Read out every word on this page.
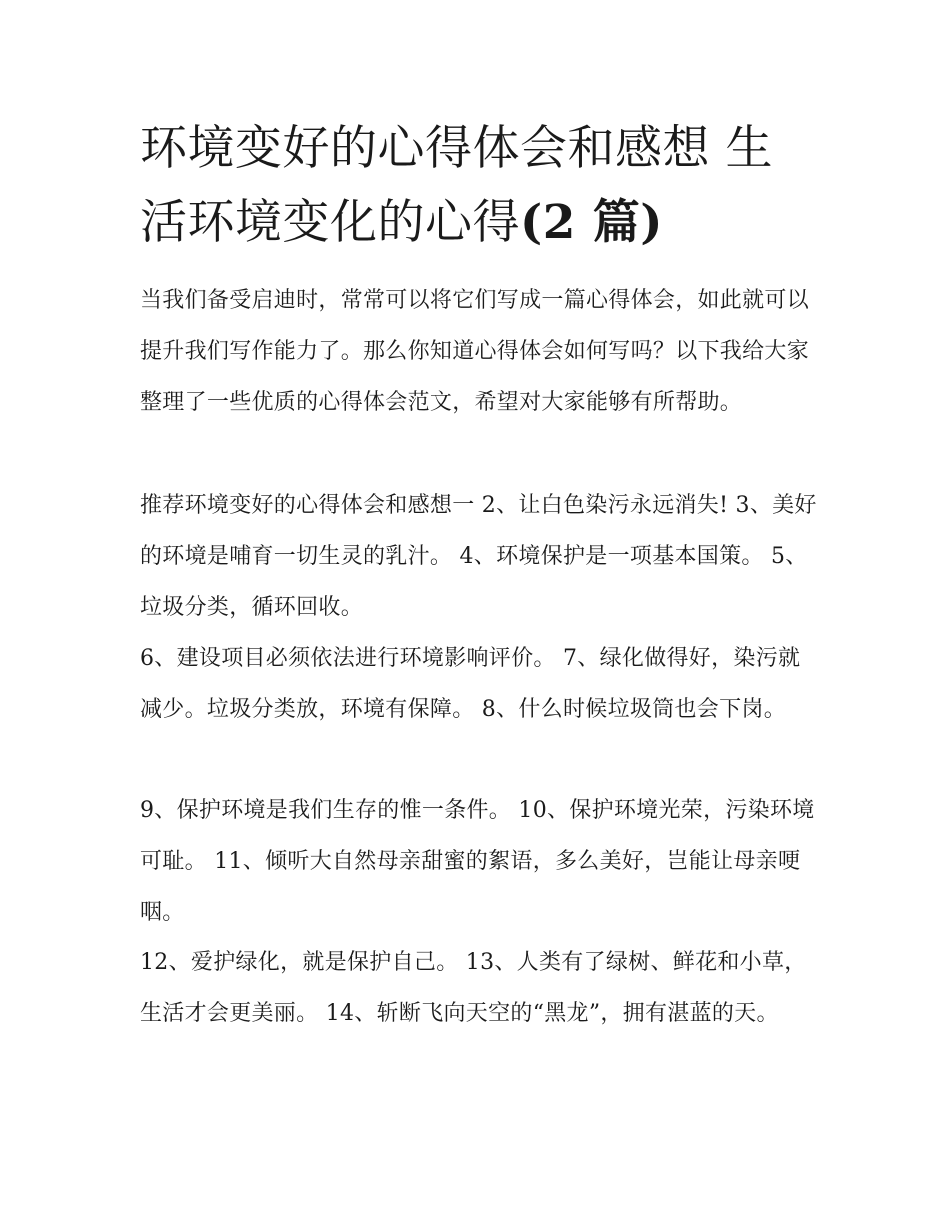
环境变好的心得体会和感想 生活环境变化的心得(2 篇)

当我们备受启迪时，常常可以将它们写成一篇心得体会，如此就可以提升我们写作能力了。那么你知道心得体会如何写吗？以下我给大家整理了一些优质的心得体会范文，希望对大家能够有所帮助。

推荐环境变好的心得体会和感想一 2、让白色染污永远消失! 3、美好的环境是哺育一切生灵的乳汁。 4、环境保护是一项基本国策。 5、垃圾分类，循环回收。

6、建设项目必须依法进行环境影响评价。 7、绿化做得好，染污就减少。垃圾分类放，环境有保障。 8、什么时候垃圾筒也会下岗。

9、保护环境是我们生存的惟一条件。 10、保护环境光荣，污染环境可耻。 11、倾听大自然母亲甜蜜的絮语，多么美好，岂能让母亲哽咽。

12、爱护绿化，就是保护自己。 13、人类有了绿树、鲜花和小草，生活才会更美丽。 14、斩断飞向天空的“黑龙”，拥有湛蓝的天。
